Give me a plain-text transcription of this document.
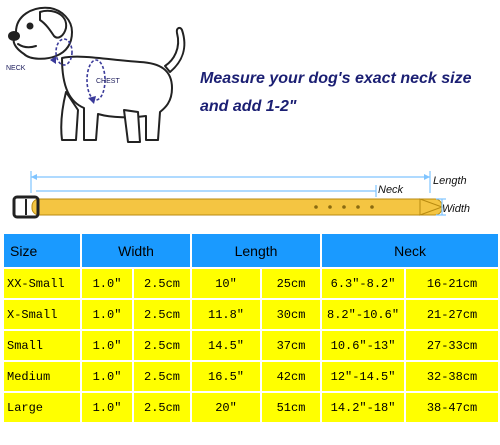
NECK
CHEST	Measure your dog's exact neck size
and add 1-2"
Length
Neck
Width
Size	Width		Length		Neck	
XX-Small	1.0″	2.5cm	10″	25cm	6.3″-8.2″	16-21cm
X-Small	1.0″	2.5cm	11.8″	30cm	8.2″-10.6″	21-27cm
Small	1.0″	2.5cm	14.5″	37cm	10.6″-13″	27-33cm
Medium	1.0″	2.5cm	16.5″	42cm	12″-14.5″	32-38cm
Large	1.0″	2.5cm	20″	51cm	14.2″-18″	38-47cm
